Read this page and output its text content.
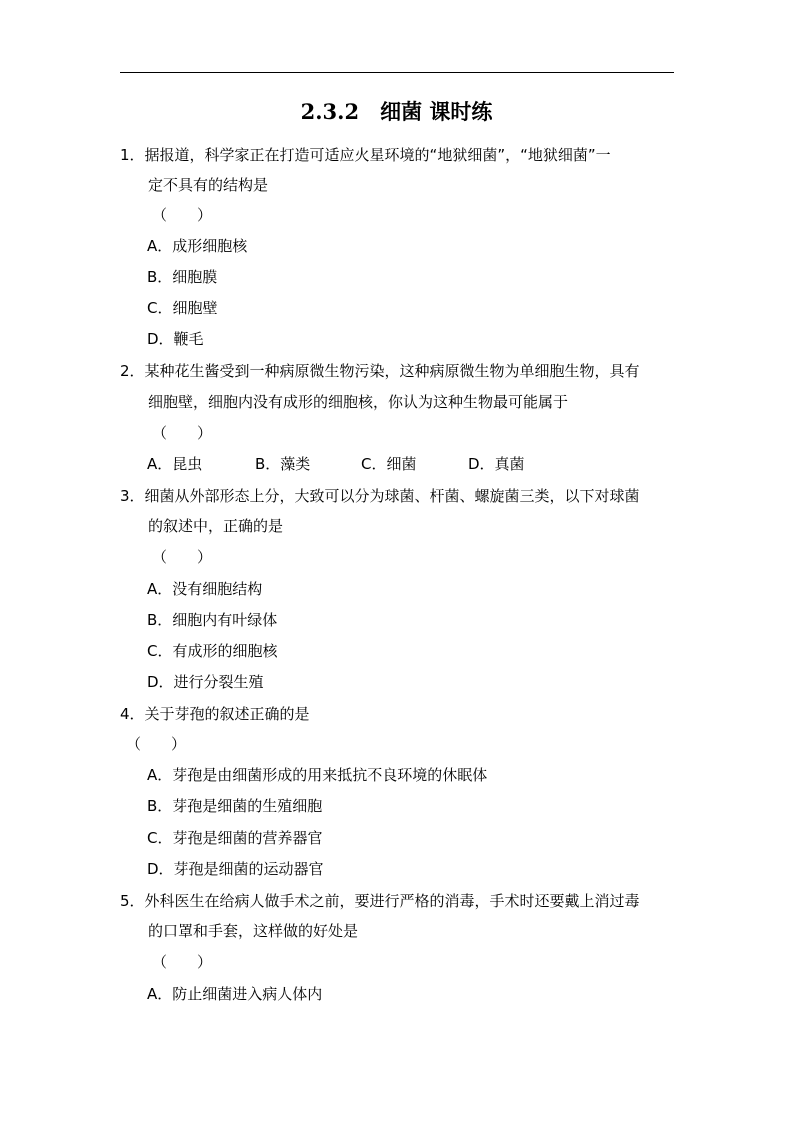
2.3.2　细菌 课时练
1．据报道，科学家正在打造可适应火星环境的“地狱细菌”，“地狱细菌”一
定不具有的结构是
（　　）
A．成形细胞核
B．细胞膜
C．细胞壁
D．鞭毛
2．某种花生酱受到一种病原微生物污染，这种病原微生物为单细胞生物，具有
细胞壁，细胞内没有成形的细胞核，你认为这种生物最可能属于
（　　）
A．昆虫	B．藻类	C．细菌	D．真菌
3．细菌从外部形态上分，大致可以分为球菌、杆菌、螺旋菌三类，以下对球菌
的叙述中，正确的是
（　　）
A．没有细胞结构
B．细胞内有叶绿体
C．有成形的细胞核
D．进行分裂生殖
4．关于芽孢的叙述正确的是
（　　）
A．芽孢是由细菌形成的用来抵抗不良环境的休眠体
B．芽孢是细菌的生殖细胞
C．芽孢是细菌的营养器官
D．芽孢是细菌的运动器官
5．外科医生在给病人做手术之前，要进行严格的消毒，手术时还要戴上消过毒
的口罩和手套，这样做的好处是
（　　）
A．防止细菌进入病人体内
